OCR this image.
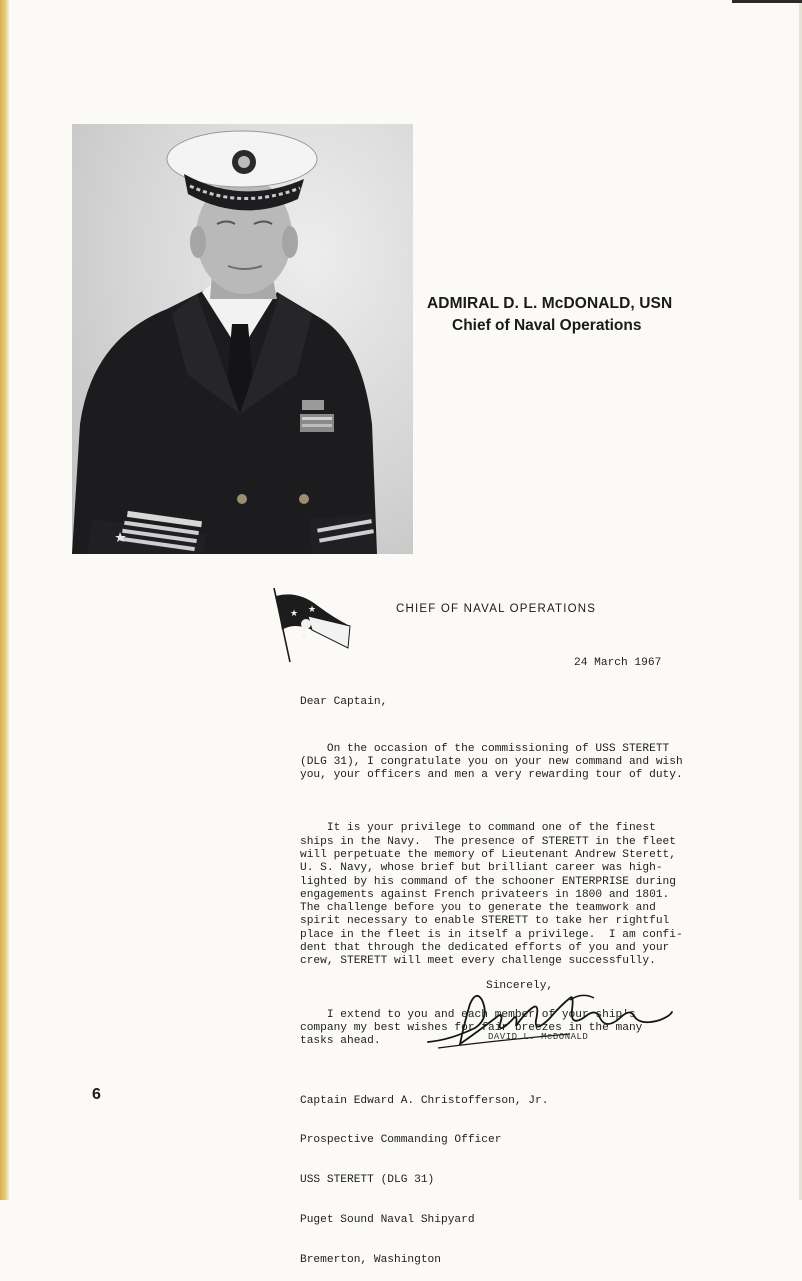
ADMIRAL D. L. McDONALD, USN
Chief of Naval Operations
★ ★
★
CHIEF OF NAVAL OPERATIONS
24 March 1967
Dear Captain,

On the occasion of the commissioning of USS STERETT
(DLG 31), I congratulate you on your new command and wish
you, your officers and men a very rewarding tour of duty.

It is your privilege to command one of the finest
ships in the Navy.  The presence of STERETT in the fleet
will perpetuate the memory of Lieutenant Andrew Sterett,
U. S. Navy, whose brief but brilliant career was high-
lighted by his command of the schooner ENTERPRISE during
engagements against French privateers in 1800 and 1801.
The challenge before you to generate the teamwork and
spirit necessary to enable STERETT to take her rightful
place in the fleet is in itself a privilege.  I am confi-
dent that through the dedicated efforts of you and your
crew, STERETT will meet every challenge successfully.

I extend to you and each member of your ship's
company my best wishes for fair breezes in the many
tasks ahead.

Sincerely,
DAVID L. McDONALD

Captain Edward A. Christofferson, Jr.

Prospective Commanding Officer

USS STERETT (DLG 31)

Puget Sound Naval Shipyard

Bremerton, Washington

6
